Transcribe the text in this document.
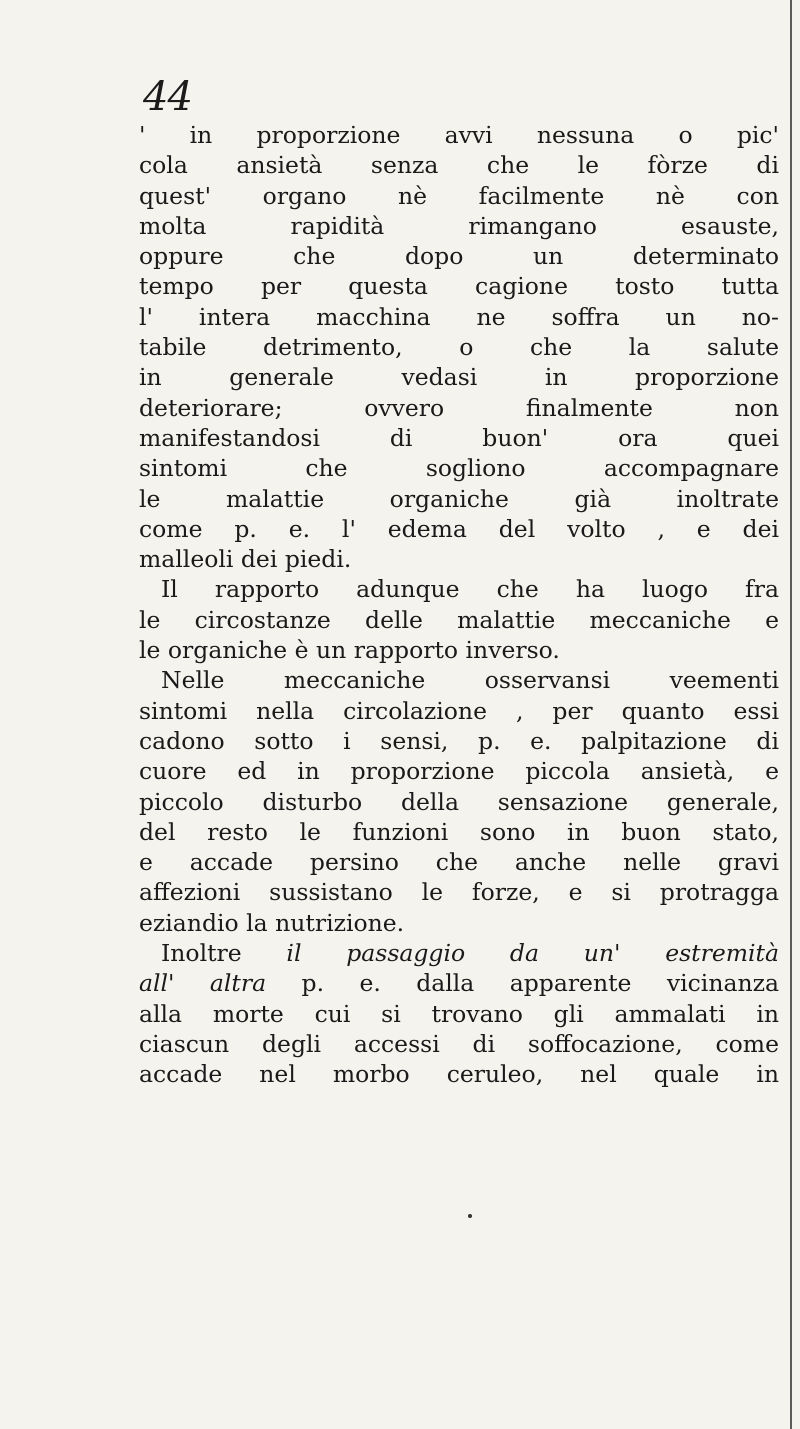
44
' in proporzione avvi nessuna o pic'
cola ansietà senza che le fòrze di
quest' organo nè facilmente nè con
molta rapidità rimangano esauste,
oppure che dopo un determinato
tempo per questa cagione tosto tutta
l' intera macchina ne soffra un no-
tabile detrimento, o che la salute
in generale vedasi in proporzione
deteriorare; ovvero finalmente non
manifestandosi di buon' ora quei
sintomi che sogliono accompagnare
le malattie organiche già inoltrate
come p. e. l' edema del volto , e dei
malleoli dei piedi.
Il rapporto adunque che ha luogo fra
le circostanze delle malattie meccaniche e
le organiche è un rapporto inverso.
Nelle meccaniche osservansi veementi
sintomi nella circolazione , per quanto essi
cadono sotto i sensi, p. e. palpitazione di
cuore ed in proporzione piccola ansietà, e
piccolo disturbo della sensazione generale,
del resto le funzioni sono in buon stato,
e accade persino che anche nelle gravi
affezioni sussistano le forze, e si protragga
eziandio la nutrizione.
Inoltre il passaggio da un' estremità
all' altra p. e. dalla apparente vicinanza
alla morte cui si trovano gli ammalati in
ciascun degli accessi di soffocazione, come
accade nel morbo ceruleo, nel quale in
